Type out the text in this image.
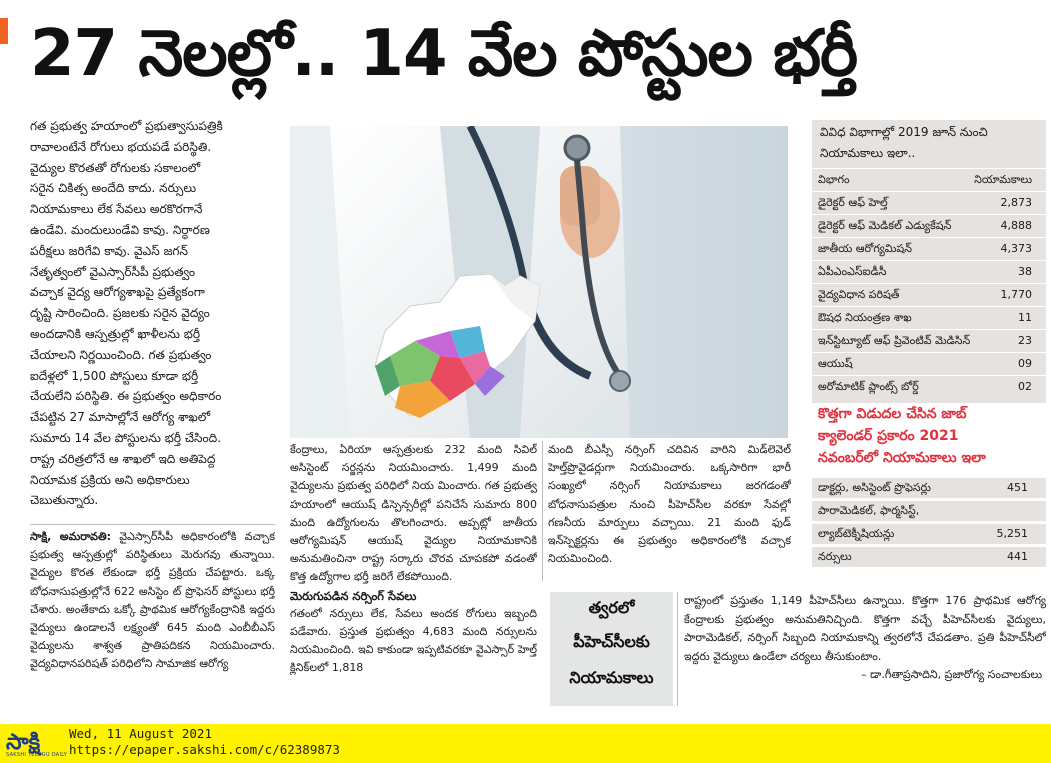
27 నెలల్లో.. 14 వేల పోస్టుల భర్తీ

గత ప్రభుత్వ హయాంలో ప్రభుత్వాసుపత్రికి

రావాలంటేనే రోగులు భయపడే పరిస్థితి.

వైద్యుల కొరతతో రోగులకు సకాలంలో

సరైన చికిత్స అందేది కాదు. నర్సులు

నియామకాలు లేక సేవలు అరకొరగానే

ఉండేవి. మందులుండేవి కావు. నిర్ధారణ

పరీక్షలు జరిగేవి కావు. వైఎస్ జగన్

నేతృత్వంలో వైఎస్సార్‌సీపీ ప్రభుత్వం

వచ్చాక వైద్య ఆరోగ్యశాఖపై ప్రత్యేకంగా

దృష్టి సారించింది. ప్రజలకు సరైన వైద్యం

అందడానికి ఆస్పత్రుల్లో ఖాళీలను భర్తీ

చేయాలని నిర్ణయించింది. గత ప్రభుత్వం

ఐదేళ్లలో 1,500 పోస్టులు కూడా భర్తీ

చేయలేని పరిస్థితి. ఈ ప్రభుత్వం అధికారం

చేపట్టిన 27 మాసాల్లోనే ఆరోగ్య శాఖలో

సుమారు 14 వేల పోస్టులను భర్తీ చేసింది.

రాష్ట్ర చరిత్రలోనే ఆ శాఖలో ఇది అతిపెద్ద

నియామక ప్రక్రియ అని అధికారులు

చెబుతున్నారు.

సాక్షి, అమరావతి: వైఎస్సార్‌సీపీ అధికారంలోకి వచ్చాక ప్రభుత్వ ఆస్పత్రుల్లో పరిస్థితులు మెరుగవు తున్నాయి. వైద్యుల కొరత లేకుండా భర్తీ ప్రక్రియ చేపట్టారు. ఒక్క బోధనాసుపత్రుల్లోనే 622 అసిస్టెం ట్ ప్రొఫెసర్ పోస్టులు భర్తీ చేశారు. అంతేకాదు ఒక్కో ప్రాథమిక ఆరోగ్యకేంద్రానికి ఇద్దరు వైద్యులు ఉండాలనే లక్ష్యంతో 645 మంది ఎంబీబీఎస్ వైద్యులను శాశ్వత ప్రాతిపదికన నియమించారు. వైద్యవిధానపరిషత్ పరిధిలోని సామాజిక ఆరోగ్య

కేంద్రాలు, ఏరియా ఆస్పత్రులకు 232 మంది సివిల్ అసిస్టెంట్ సర్జన్లను నియమించారు. 1,499 మంది వైద్యులను ప్రభుత్వ పరిధిలో నియ మించారు. గత ప్రభుత్వ హయాంలో ఆయుష్ డిస్పెన్సరీల్లో పనిచేసే సుమారు 800 మంది ఉద్యోగులను తొలగించారు. అప్పట్లో జాతీయ ఆరోగ్యమిషన్ ఆయుష్ వైద్యుల నియామకానికి అనుమతించినా రాష్ట్ర సర్కారు చొరవ చూపకపో వడంతో కొత్త ఉద్యోగాల భర్తీ జరిగే లేకపోయింది.

మెరుగుపడిన నర్సింగ్ సేవలు

గతంలో నర్సులు లేక, సేవలు అందక రోగులు ఇబ్బంది పడేవారు. ప్రస్తుత ప్రభుత్వం 4,683 మంది నర్సులను నియమించింది. ఇవి కాకుండా ఇప్పటివరకూ వైఎస్సార్ హెల్త్ క్లినిక్‌లలో 1,818

మంది బీఎస్సీ నర్సింగ్ చదివిన వారిని మిడ్‌లెవెల్ హెల్త్‌ప్రొవైడర్లుగా నియమించారు. ఒక్కసారిగా భారీ సంఖ్యలో నర్సింగ్ నియామకాలు జరగడంతో బోధనాసుపత్రుల నుంచి పీహెచ్‌సీల వరకూ సేవల్లో గణనీయ మార్పులు వచ్చాయి. 21 మంది ఫుడ్ ఇన్‌స్పెక్టర్లను ఈ ప్రభుత్వం అధికారంలోకి వచ్చాక నియమించింది.

వివిధ విభాగాల్లో 2019 జూన్ నుంచి
నియామకాలు ఇలా..
విభాగం	నియామకాలు
డైరెక్టర్ ఆఫ్ హెల్త్	2,873
డైరెక్టర్ ఆఫ్ మెడికల్ ఎడ్యుకేషన్	4,888
జాతీయ ఆరోగ్యమిషన్	4,373
ఏపీఎంఎస్ఐడీసీ	38
వైద్యవిధాన పరిషత్	1,770
ఔషధ నియంత్రణ శాఖ	11
ఇన్‌స్టిట్యూట్ ఆఫ్ ప్రివెంటివ్ మెడిసిన్	23
ఆయుష్	09
అరోమాటిక్ ప్లాంట్స్ బోర్డ్	02
కొత్తగా విడుదల చేసిన జాబ్
క్యాలెండర్ ప్రకారం 2021
నవంబర్‌లో నియామకాలు ఇలా
డాక్టర్లు, అసిస్టెంట్ ప్రొఫెసర్లు	451
పారామెడికల్, ఫార్మసిస్ట్,
ల్యాబ్‌టెక్నీషియన్లు	5,251
నర్సులు	441
త్వరలో
పీహెచ్‌సీలకు
నియామకాలు
రాష్ట్రంలో ప్రస్తుతం 1,149 పీహెచ్‌సీలు ఉన్నాయి. కొత్తగా 176 ప్రాథమిక ఆరోగ్య కేంద్రాలకు ప్రభుత్వం అనుమతినిచ్చింది. కొత్తగా వచ్చే పీహెచ్‌సీలకు వైద్యులు, పారామెడికల్, నర్సింగ్ సిబ్బంది నియామకాన్ని త్వరలోనే చేపడతాం. ప్రతి పీహెచ్‌సీలో ఇద్దరు వైద్యులు ఉండేలా చర్యలు తీసుకుంటాం.
– డా.గీతాప్రసాదిని, ప్రజారోగ్య సంచాలకులు
సాక్షి
SAKSHI TELUGU DAILY
Wed, 11 August 2021
https://epaper.sakshi.com/c/62389873
